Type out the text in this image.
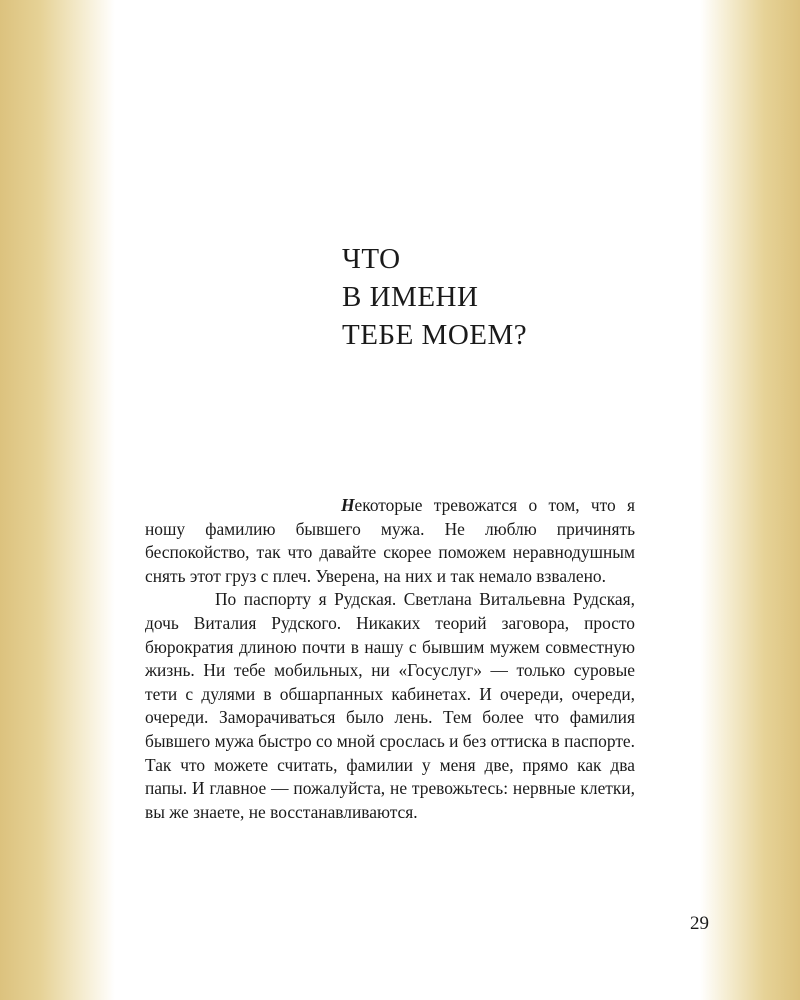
ЧТО
В ИМЕНИ
ТЕБЕ МОЕМ?

Некоторые тревожатся о том, что я ношу фамилию бывшего мужа. Не люблю причинять беспокойство, так что давайте скорее поможем неравнодушным снять этот груз с плеч. Уверена, на них и так немало взвалено.

По паспорту я Рудская. Светлана Витальевна Рудская, дочь Виталия Рудского. Никаких теорий заговора, просто бюрократия длиною почти в нашу с бывшим мужем совместную жизнь. Ни тебе мобильных, ни «Госуслуг» — только суровые тети с дулями в обшарпанных кабинетах. И очереди, очереди, очереди. Заморачиваться было лень. Тем более что фамилия бывшего мужа быстро со мной срослась и без оттиска в паспорте. Так что можете считать, фамилии у меня две, прямо как два папы. И главное — пожалуйста, не тревожьтесь: нервные клетки, вы же знаете, не восстанавливаются.

29
